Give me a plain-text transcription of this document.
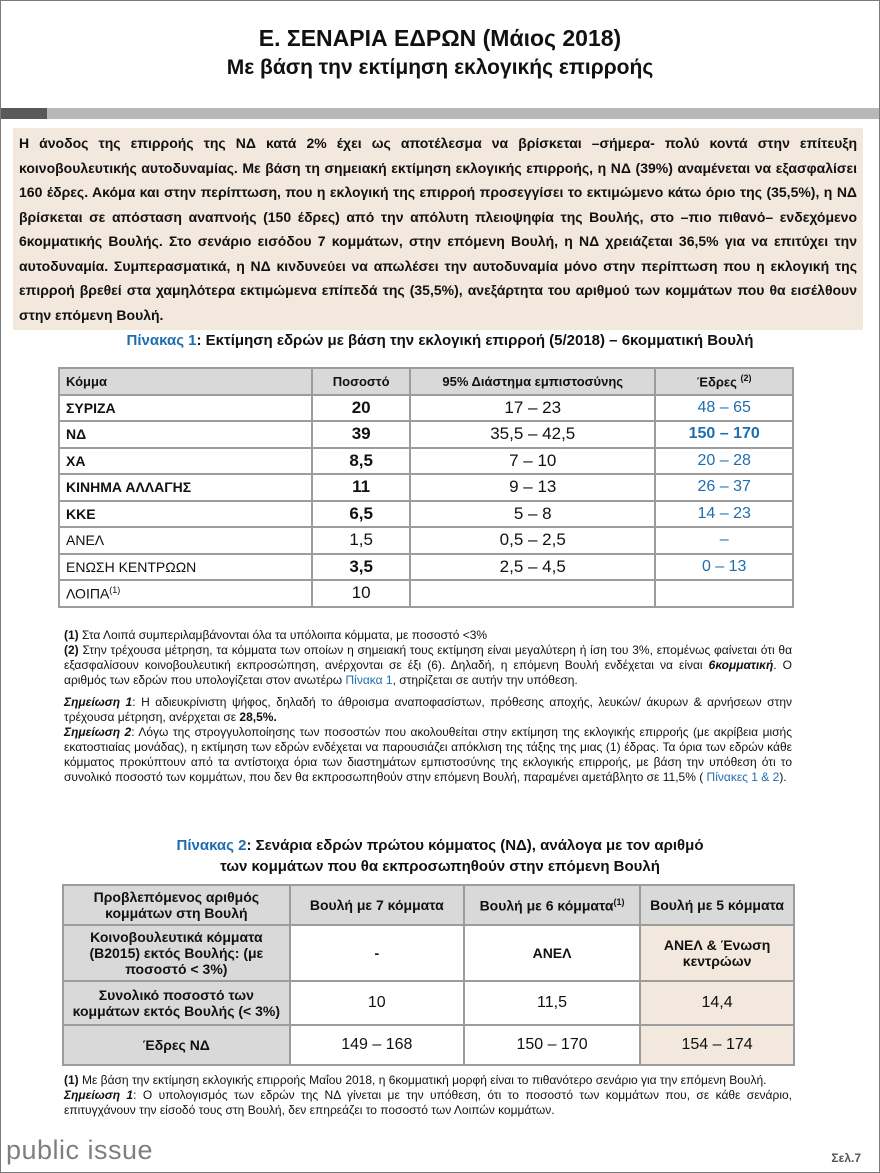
Ε. ΣΕΝΑΡΙΑ ΕΔΡΩΝ (Μάιος 2018)
Με βάση την εκτίμηση εκλογικής επιρροής
Η άνοδος της επιρροής της ΝΔ κατά 2% έχει ως αποτέλεσμα να βρίσκεται –σήμερα- πολύ κοντά στην επίτευξη κοινοβουλευτικής αυτοδυναμίας. Με βάση τη σημειακή εκτίμηση εκλογικής επιρροής, η ΝΔ (39%) αναμένεται να εξασφαλίσει 160 έδρες. Ακόμα και στην περίπτωση, που η εκλογική της επιρροή προσεγγίσει το εκτιμώμενο κάτω όριο της (35,5%), η ΝΔ βρίσκεται σε απόσταση αναπνοής (150 έδρες) από την απόλυτη πλειοψηφία της Βουλής, στο –πιο πιθανό– ενδεχόμενο 6κομματικής Βουλής. Στο σενάριο εισόδου 7 κομμάτων, στην επόμενη Βουλή, η ΝΔ χρειάζεται 36,5% για να επιτύχει την αυτοδυναμία. Συμπερασματικά, η ΝΔ κινδυνεύει να απωλέσει την αυτοδυναμία μόνο στην περίπτωση που η εκλογική της επιρροή βρεθεί στα χαμηλότερα εκτιμώμενα επίπεδά της (35,5%), ανεξάρτητα του αριθμού των κομμάτων που θα εισέλθουν στην επόμενη Βουλή.
Πίνακας 1: Εκτίμηση εδρών με βάση την εκλογική επιρροή (5/2018) – 6κομματική Βουλή
Κόμμα	Ποσοστό	95% Διάστημα εμπιστοσύνης	Έδρες $^{(2)}$
ΣΥΡΙΖΑ	20	17 – 23	48 – 65
ΝΔ	39	35,5 – 42,5	150 – 170
ΧΑ	8,5	7 – 10	20 – 28
ΚΙΝΗΜΑ ΑΛΛΑΓΗΣ	11	9 – 13	26 – 37
ΚΚΕ	6,5	5 – 8	14 – 23
ΑΝΕΛ	1,5	0,5 – 2,5	–
ΕΝΩΣΗ ΚΕΝΤΡΩΩΝ	3,5	2,5 – 4,5	0 – 13
ΛΟΙΠΑ$^{(1)}$	10		
(1) Στα Λοιπά συμπεριλαμβάνονται όλα τα υπόλοιπα κόμματα, με ποσοστό <3%
(2) Στην τρέχουσα μέτρηση, τα κόμματα των οποίων η σημειακή τους εκτίμηση είναι μεγαλύτερη ή ίση του 3%, επομένως φαίνεται ότι θα εξασφαλίσουν κοινοβουλευτική εκπροσώπηση, ανέρχονται σε έξι (6). Δηλαδή, η επόμενη Βουλή ενδέχεται να είναι 6κομματική. Ο αριθμός των εδρών που υπολογίζεται στον ανωτέρω Πίνακα 1, στηρίζεται σε αυτήν την υπόθεση.
Σημείωση 1: Η αδιευκρίνιστη ψήφος, δηλαδή το άθροισμα αναποφασίστων, πρόθεσης αποχής, λευκών/ άκυρων & αρνήσεων στην τρέχουσα μέτρηση, ανέρχεται σε 28,5%.
Σημείωση 2: Λόγω της στρογγυλοποίησης των ποσοστών που ακολουθείται στην εκτίμηση της εκλογικής επιρροής (με ακρίβεια μισής εκατοστιαίας μονάδας), η εκτίμηση των εδρών ενδέχεται να παρουσιάζει απόκλιση της τάξης της μιας (1) έδρας. Τα όρια των εδρών κάθε κόμματος προκύπτουν από τα αντίστοιχα όρια των διαστημάτων εμπιστοσύνης της εκλογικής επιρροής, με βάση την υπόθεση ότι το συνολικό ποσοστό των κομμάτων, που δεν θα εκπροσωπηθούν στην επόμενη Βουλή, παραμένει αμετάβλητο σε 11,5% ( Πίνακες 1 & 2).
Πίνακας 2: Σενάρια εδρών πρώτου κόμματος (ΝΔ), ανάλογα με τον αριθμό
των κομμάτων που θα εκπροσωπηθούν στην επόμενη Βουλή
Προβλεπόμενος αριθμός κομμάτων στη Βουλή	Βουλή με 7 κόμματα	Βουλή με 6 κόμματα$^{(1)}$	Βουλή με 5 κόμματα
Κοινοβουλευτικά κόμματα (Β2015) εκτός Βουλής: (με ποσοστό < 3%)	-	ΑΝΕΛ	ΑΝΕΛ & Ένωση κεντρώων
Συνολικό ποσοστό των κομμάτων εκτός Βουλής (< 3%)	10	11,5	14,4
Έδρες ΝΔ	149 – 168	150 – 170	154 – 174
(1) Με βάση την εκτίμηση εκλογικής επιρροής Μαΐου 2018, η 6κομματική μορφή είναι το πιθανότερο σενάριο για την επόμενη Βουλή.
Σημείωση 1: Ο υπολογισμός των εδρών της ΝΔ γίνεται με την υπόθεση, ότι το ποσοστό των κομμάτων που, σε κάθε σενάριο, επιτυγχάνουν την είσοδό τους στη Βουλή, δεν επηρεάζει το ποσοστό των Λοιπών κομμάτων.
public issue	Σελ.7
